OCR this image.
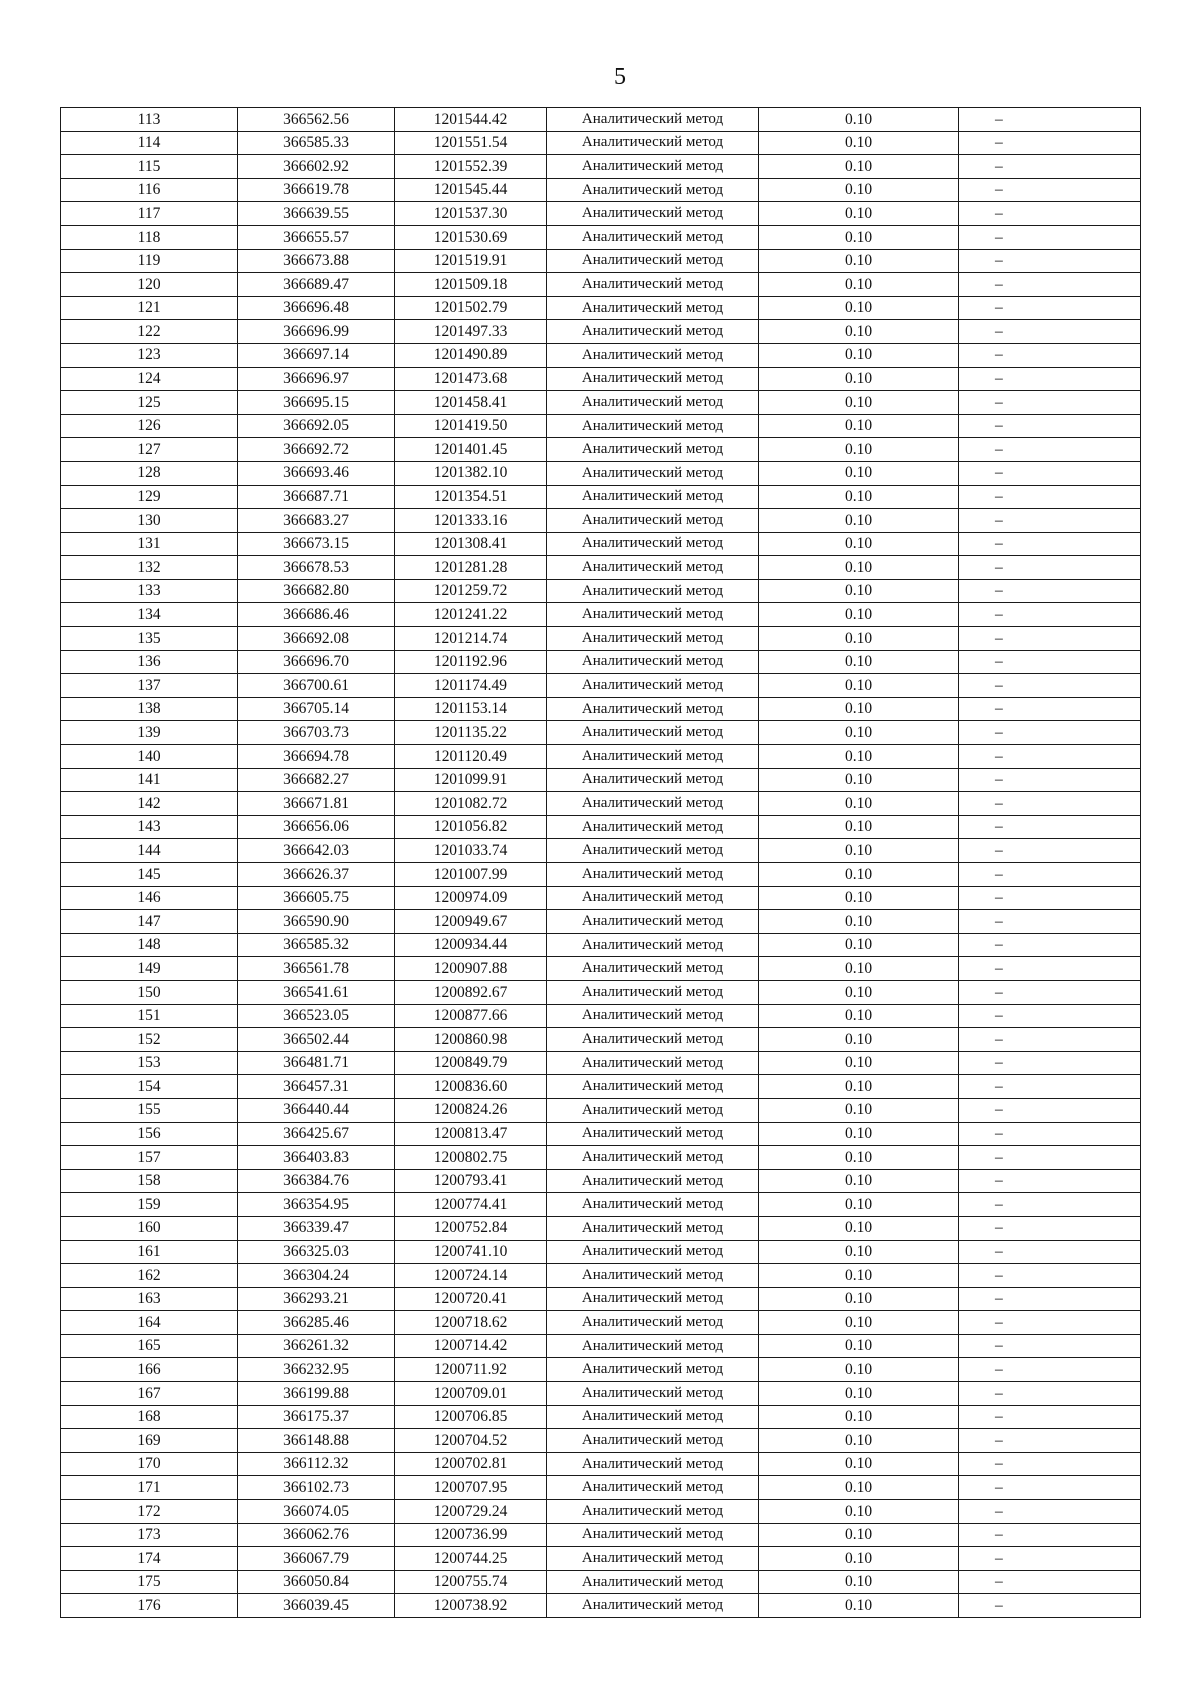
5
113	366562.56	1201544.42	Аналитический метод	0.10	–
114	366585.33	1201551.54	Аналитический метод	0.10	–
115	366602.92	1201552.39	Аналитический метод	0.10	–
116	366619.78	1201545.44	Аналитический метод	0.10	–
117	366639.55	1201537.30	Аналитический метод	0.10	–
118	366655.57	1201530.69	Аналитический метод	0.10	–
119	366673.88	1201519.91	Аналитический метод	0.10	–
120	366689.47	1201509.18	Аналитический метод	0.10	–
121	366696.48	1201502.79	Аналитический метод	0.10	–
122	366696.99	1201497.33	Аналитический метод	0.10	–
123	366697.14	1201490.89	Аналитический метод	0.10	–
124	366696.97	1201473.68	Аналитический метод	0.10	–
125	366695.15	1201458.41	Аналитический метод	0.10	–
126	366692.05	1201419.50	Аналитический метод	0.10	–
127	366692.72	1201401.45	Аналитический метод	0.10	–
128	366693.46	1201382.10	Аналитический метод	0.10	–
129	366687.71	1201354.51	Аналитический метод	0.10	–
130	366683.27	1201333.16	Аналитический метод	0.10	–
131	366673.15	1201308.41	Аналитический метод	0.10	–
132	366678.53	1201281.28	Аналитический метод	0.10	–
133	366682.80	1201259.72	Аналитический метод	0.10	–
134	366686.46	1201241.22	Аналитический метод	0.10	–
135	366692.08	1201214.74	Аналитический метод	0.10	–
136	366696.70	1201192.96	Аналитический метод	0.10	–
137	366700.61	1201174.49	Аналитический метод	0.10	–
138	366705.14	1201153.14	Аналитический метод	0.10	–
139	366703.73	1201135.22	Аналитический метод	0.10	–
140	366694.78	1201120.49	Аналитический метод	0.10	–
141	366682.27	1201099.91	Аналитический метод	0.10	–
142	366671.81	1201082.72	Аналитический метод	0.10	–
143	366656.06	1201056.82	Аналитический метод	0.10	–
144	366642.03	1201033.74	Аналитический метод	0.10	–
145	366626.37	1201007.99	Аналитический метод	0.10	–
146	366605.75	1200974.09	Аналитический метод	0.10	–
147	366590.90	1200949.67	Аналитический метод	0.10	–
148	366585.32	1200934.44	Аналитический метод	0.10	–
149	366561.78	1200907.88	Аналитический метод	0.10	–
150	366541.61	1200892.67	Аналитический метод	0.10	–
151	366523.05	1200877.66	Аналитический метод	0.10	–
152	366502.44	1200860.98	Аналитический метод	0.10	–
153	366481.71	1200849.79	Аналитический метод	0.10	–
154	366457.31	1200836.60	Аналитический метод	0.10	–
155	366440.44	1200824.26	Аналитический метод	0.10	–
156	366425.67	1200813.47	Аналитический метод	0.10	–
157	366403.83	1200802.75	Аналитический метод	0.10	–
158	366384.76	1200793.41	Аналитический метод	0.10	–
159	366354.95	1200774.41	Аналитический метод	0.10	–
160	366339.47	1200752.84	Аналитический метод	0.10	–
161	366325.03	1200741.10	Аналитический метод	0.10	–
162	366304.24	1200724.14	Аналитический метод	0.10	–
163	366293.21	1200720.41	Аналитический метод	0.10	–
164	366285.46	1200718.62	Аналитический метод	0.10	–
165	366261.32	1200714.42	Аналитический метод	0.10	–
166	366232.95	1200711.92	Аналитический метод	0.10	–
167	366199.88	1200709.01	Аналитический метод	0.10	–
168	366175.37	1200706.85	Аналитический метод	0.10	–
169	366148.88	1200704.52	Аналитический метод	0.10	–
170	366112.32	1200702.81	Аналитический метод	0.10	–
171	366102.73	1200707.95	Аналитический метод	0.10	–
172	366074.05	1200729.24	Аналитический метод	0.10	–
173	366062.76	1200736.99	Аналитический метод	0.10	–
174	366067.79	1200744.25	Аналитический метод	0.10	–
175	366050.84	1200755.74	Аналитический метод	0.10	–
176	366039.45	1200738.92	Аналитический метод	0.10	–
